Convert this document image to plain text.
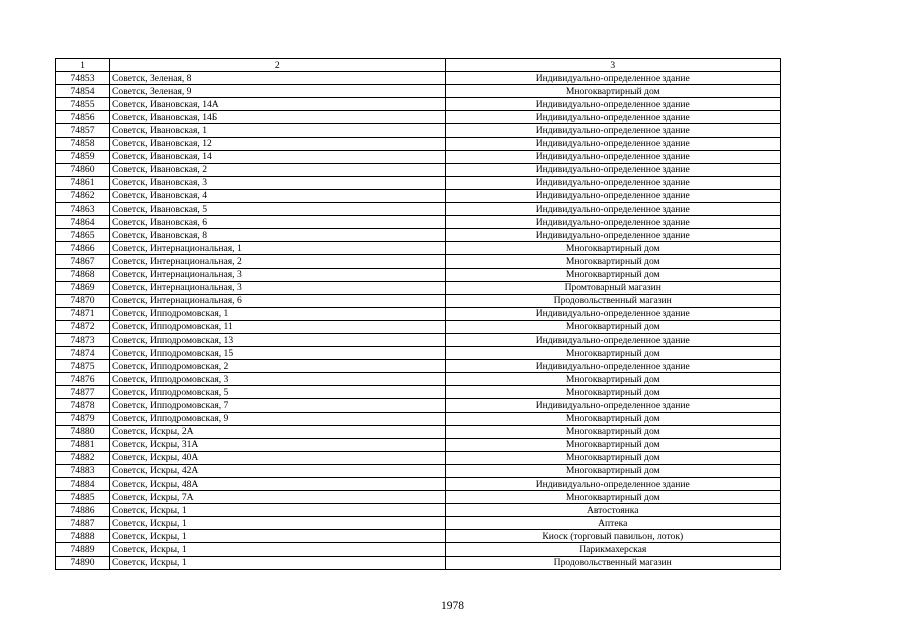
1	2	3
74853	Советск, Зеленая, 8	Индивидуально-определенное здание
74854	Советск, Зеленая, 9	Многоквартирный дом
74855	Советск, Ивановская, 14А	Индивидуально-определенное здание
74856	Советск, Ивановская, 14Б	Индивидуально-определенное здание
74857	Советск, Ивановская, 1	Индивидуально-определенное здание
74858	Советск, Ивановская, 12	Индивидуально-определенное здание
74859	Советск, Ивановская, 14	Индивидуально-определенное здание
74860	Советск, Ивановская, 2	Индивидуально-определенное здание
74861	Советск, Ивановская, 3	Индивидуально-определенное здание
74862	Советск, Ивановская, 4	Индивидуально-определенное здание
74863	Советск, Ивановская, 5	Индивидуально-определенное здание
74864	Советск, Ивановская, 6	Индивидуально-определенное здание
74865	Советск, Ивановская, 8	Индивидуально-определенное здание
74866	Советск, Интернациональная, 1	Многоквартирный дом
74867	Советск, Интернациональная, 2	Многоквартирный дом
74868	Советск, Интернациональная, 3	Многоквартирный дом
74869	Советск, Интернациональная, 3	Промтоварный магазин
74870	Советск, Интернациональная, 6	Продовольственный магазин
74871	Советск, Ипподромовская, 1	Индивидуально-определенное здание
74872	Советск, Ипподромовская, 11	Многоквартирный дом
74873	Советск, Ипподромовская, 13	Индивидуально-определенное здание
74874	Советск, Ипподромовская, 15	Многоквартирный дом
74875	Советск, Ипподромовская, 2	Индивидуально-определенное здание
74876	Советск, Ипподромовская, 3	Многоквартирный дом
74877	Советск, Ипподромовская, 5	Многоквартирный дом
74878	Советск, Ипподромовская, 7	Индивидуально-определенное здание
74879	Советск, Ипподромовская, 9	Многоквартирный дом
74880	Советск, Искры, 2А	Многоквартирный дом
74881	Советск, Искры, 31А	Многоквартирный дом
74882	Советск, Искры, 40А	Многоквартирный дом
74883	Советск, Искры, 42А	Многоквартирный дом
74884	Советск, Искры, 48А	Индивидуально-определенное здание
74885	Советск, Искры, 7А	Многоквартирный дом
74886	Советск, Искры, 1	Автостоянка
74887	Советск, Искры, 1	Аптека
74888	Советск, Искры, 1	Киоск (торговый павильон, лоток)
74889	Советск, Искры, 1	Парикмахерская
74890	Советск, Искры, 1	Продовольственный магазин
1978
